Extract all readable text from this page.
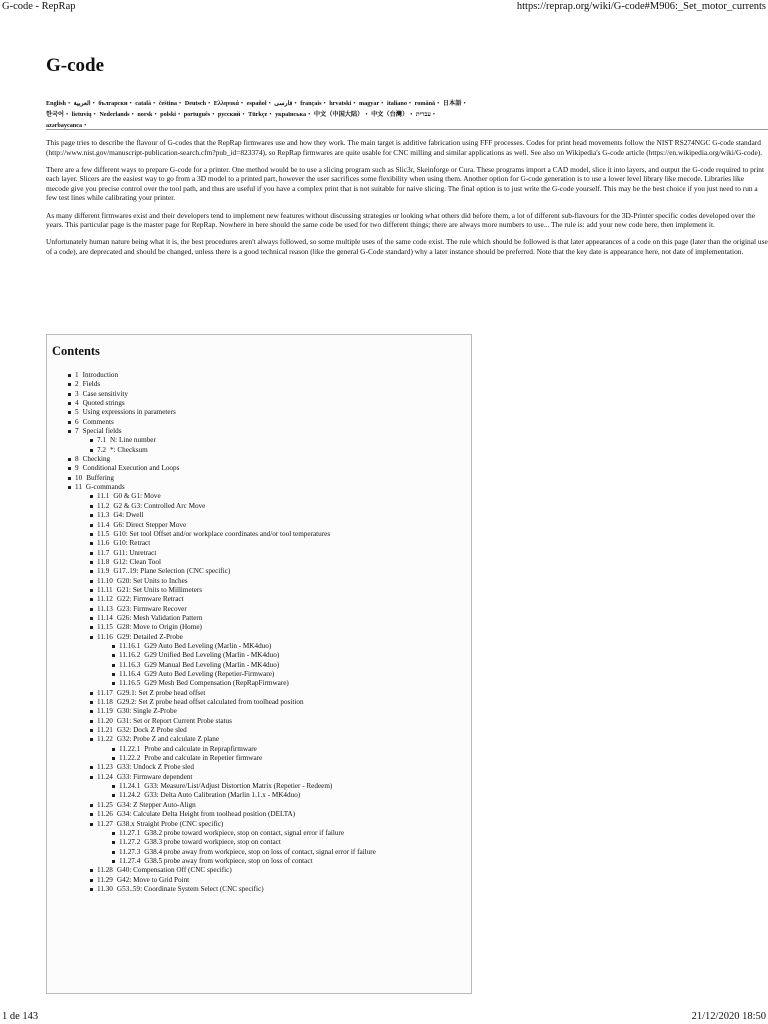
G-code - RepRap	https://reprap.org/wiki/G-code#M906:_Set_motor_currents
G-code
English • العربية • български • català • čeština • Deutsch • Ελληνικά • español • فارسی • français • hrvatski • magyar • italiano • română • 日本語 • 한국어 • lietuvių • Nederlands • norsk • polski • português • русский • Türkçe • українська • 中文（中国大陆） • 中文（台灣） • עברית • azərbaycanca •

This page tries to describe the flavour of G-codes that the RepRap firmwares use and how they work. The main target is additive fabrication using FFF processes. Codes for print head movements follow the NIST RS274NGC G-code standard (http://www.nist.gov/manuscript-publication-search.cfm?pub_id=823374), so RepRap firmwares are quite usable for CNC milling and similar applications as well. See also on Wikipedia's G-code article (https://en.wikipedia.org/wiki/G-code).

There are a few different ways to prepare G-code for a printer. One method would be to use a slicing program such as Slic3r, Skeinforge or Cura. These programs import a CAD model, slice it into layers, and output the G-code required to print each layer. Slicers are the easiest way to go from a 3D model to a printed part, however the user sacrifices some flexibility when using them. Another option for G-code generation is to use a lower level library like mecode. Libraries like mecode give you precise control over the tool path, and thus are useful if you have a complex print that is not suitable for naive slicing. The final option is to just write the G-code yourself. This may be the best choice if you just need to run a few test lines while calibrating your printer.

As many different firmwares exist and their developers tend to implement new features without discussing strategies or looking what others did before them, a lot of different sub-flavours for the 3D-Printer specific codes developed over the years. This particular page is the master page for RepRap. Nowhere in here should the same code be used for two different things; there are always more numbers to use... The rule is: add your new code here, then implement it.

Unfortunately human nature being what it is, the best procedures aren't always followed, so some multiple uses of the same code exist. The rule which should be followed is that later appearances of a code on this page (later than the original use of a code), are deprecated and should be changed, unless there is a good technical reason (like the general G-Code standard) why a later instance should be preferred. Note that the key date is appearance here, not date of implementation.

Contents
1 Introduction
2 Fields
3 Case sensitivity
4 Quoted strings
5 Using expressions in parameters
6 Comments
7 Special fields
7.1 N: Line number
7.2 *: Checksum
8 Checking
9 Conditional Execution and Loops
10 Buffering
11 G-commands
11.1 G0 & G1: Move
11.2 G2 & G3: Controlled Arc Move
11.3 G4: Dwell
11.4 G6: Direct Stepper Move
11.5 G10: Set tool Offset and/or workplace coordinates and/or tool temperatures
11.6 G10: Retract
11.7 G11: Unretract
11.8 G12: Clean Tool
11.9 G17..19: Plane Selection (CNC specific)
11.10 G20: Set Units to Inches
11.11 G21: Set Units to Millimeters
11.12 G22: Firmware Retract
11.13 G23: Firmware Recover
11.14 G26: Mesh Validation Pattern
11.15 G28: Move to Origin (Home)
11.16 G29: Detailed Z-Probe
11.16.1 G29 Auto Bed Leveling (Marlin - MK4duo)
11.16.2 G29 Unified Bed Leveling (Marlin - MK4duo)
11.16.3 G29 Manual Bed Leveling (Marlin - MK4duo)
11.16.4 G29 Auto Bed Leveling (Repetier-Firmware)
11.16.5 G29 Mesh Bed Compensation (RepRapFirmware)
11.17 G29.1: Set Z probe head offset
11.18 G29.2: Set Z probe head offset calculated from toolhead position
11.19 G30: Single Z-Probe
11.20 G31: Set or Report Current Probe status
11.21 G32: Dock Z Probe sled
11.22 G32: Probe Z and calculate Z plane
11.22.1 Probe and calculate in Reprapfirmware
11.22.2 Probe and calculate in Repetier firmware
11.23 G33: Undock Z Probe sled
11.24 G33: Firmware dependent
11.24.1 G33: Measure/List/Adjust Distortion Matrix (Repetier - Redeem)
11.24.2 G33: Delta Auto Calibration (Marlin 1.1.x - MK4duo)
11.25 G34: Z Stepper Auto-Align
11.26 G34: Calculate Delta Height from toolhead position (DELTA)
11.27 G38.x Straight Probe (CNC specific)
11.27.1 G38.2 probe toward workpiece, stop on contact, signal error if failure
11.27.2 G38.3 probe toward workpiece, stop on contact
11.27.3 G38.4 probe away from workpiece, stop on loss of contact, signal error if failure
11.27.4 G38.5 probe away from workpiece, stop on loss of contact
11.28 G40: Compensation Off (CNC specific)
11.29 G42: Move to Grid Point
11.30 G53..59: Coordinate System Select (CNC specific)
1 de 143	21/12/2020 18:50
